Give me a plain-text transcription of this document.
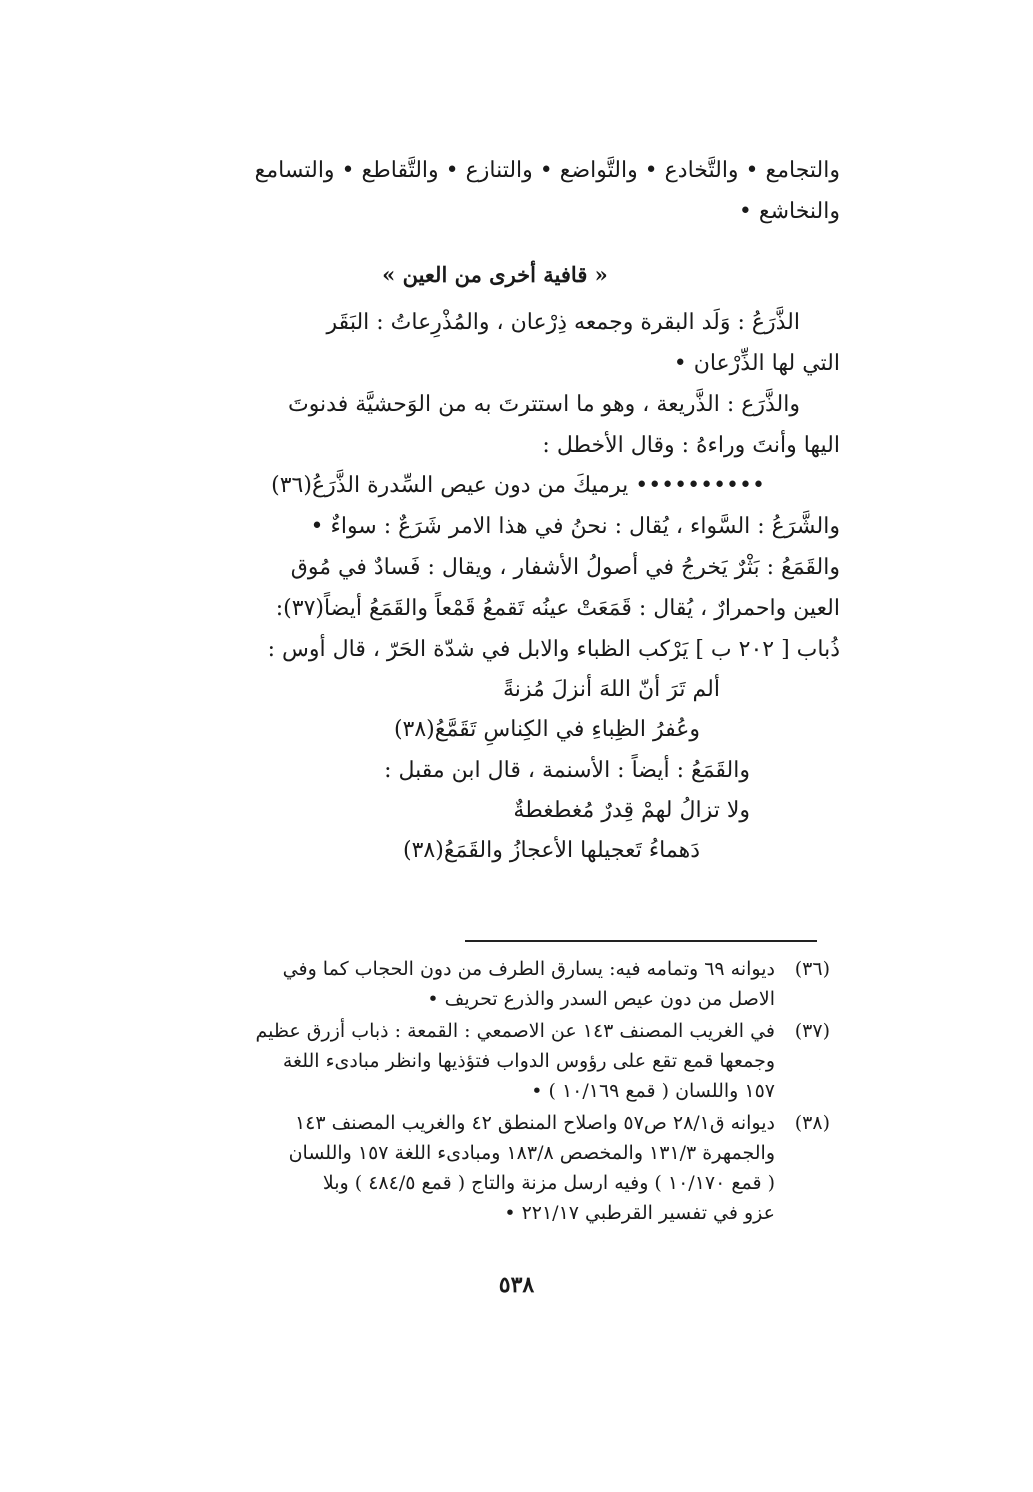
والتجامع • والتَّخادع • والتَّواضع • والتنازع • والتَّقاطع • والتسامع
والنخاشع •
« قافية أخرى من العين »
الذَّرَعُ : وَلَد البقرة وجمعه ذِرْعان ، والمُذْرِعاتُ : البَقَر
التي لها الذِّرْعان •
والذَّرَع : الذَّريعة ، وهو ما استترتَ به من الوَحشيَّة فدنوتَ
اليها وأنتَ وراءهُ : وقال الأخطل :
•••••••••• يرميكَ من دون عيص السِّدرة الذَّرَعُ(٣٦)
والشَّرَعُ : السَّواء ، يُقال : نحنُ في هذا الامر شَرَعٌ : سواءٌ •
والقَمَعُ : بَثْرٌ يَخرجُ في أصولُ الأشفار ، ويقال : فَسادٌ في مُوق
العين واحمرارٌ ، يُقال : قَمَعَتْ عينُه تَقمعُ قَمْعاً والقَمَعُ أيضاً(٣٧):
ذُباب [ ٢٠٢ ب ] يَرْكب الظباء والابل في شدّة الحَرّ ، قال أوس :
ألم تَرَ أنّ اللهَ أنزلَ مُزنةً
وعُفرُ الظِباءِ في الكِناسِ تَقَمَّعُ(٣٨)
والقَمَعُ : أيضاً : الأسنمة ، قال ابن مقبل :
ولا تزالُ لهمْ قِدرٌ مُغطغطةٌ
دَهماءُ تَعجيلها الأعجازُ والقَمَعُ(٣٨)
(٣٦)
ديوانه ٦٩ وتمامه فيه: يسارق الطرف من دون الحجاب كما وفي
الاصل من دون عيص السدر والذرع تحريف •
(٣٧)
في الغريب المصنف ١٤٣ عن الاصمعي : القمعة : ذباب أزرق عظيم
وجمعها قمع تقع على رؤوس الدواب فتؤذيها وانظر مبادىء اللغة
١٥٧ واللسان ( قمع ١٠/١٦٩ ) •
(٣٨)
ديوانه ق٢٨/١ ص٥٧ واصلاح المنطق ٤٢ والغريب المصنف ١٤٣
والجمهرة ١٣١/٣ والمخصص ١٨٣/٨ ومبادىء اللغة ١٥٧ واللسان
( قمع ١٠/١٧٠ ) وفيه ارسل مزنة والتاج ( قمع ٤٨٤/٥ ) وبلا
عزو في تفسير القرطبي ٢٢١/١٧ •
٥٣٨
